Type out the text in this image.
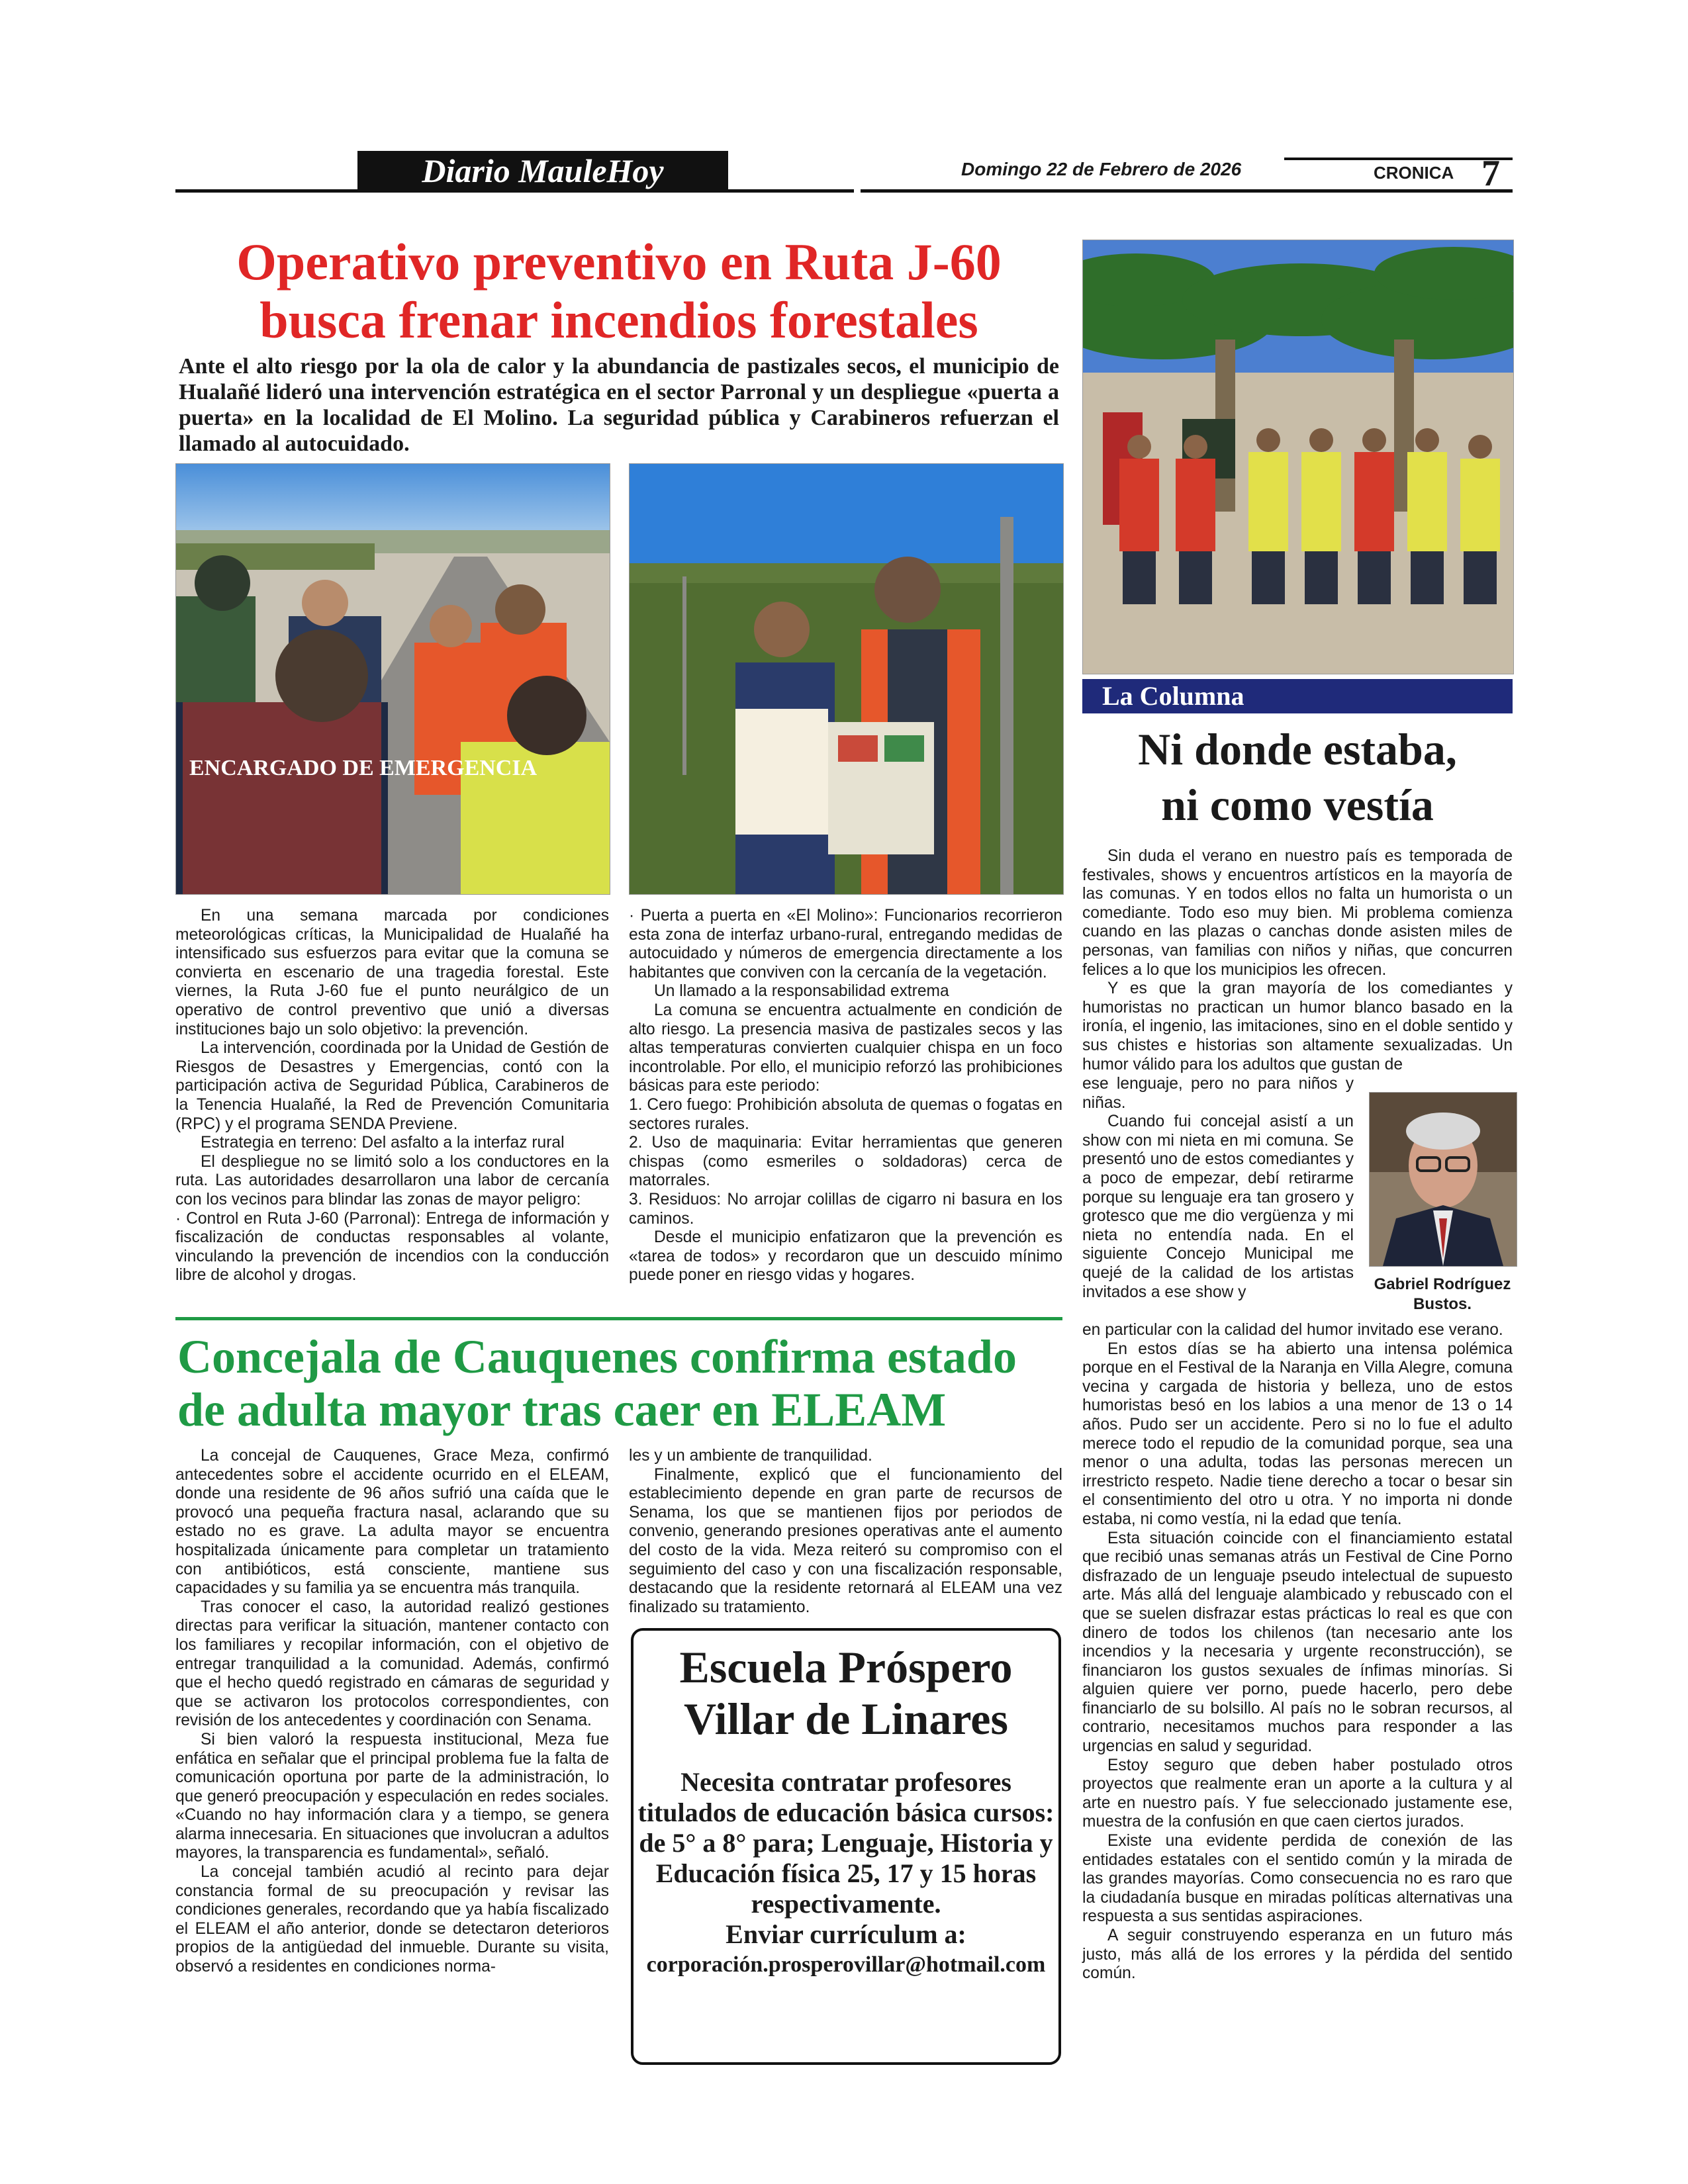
Diario MauleHoy	Domingo 22 de Febrero de 2026	CRONICA 7
Operativo preventivo en Ruta J-60 busca frenar incendios forestales

Ante el alto riesgo por la ola de calor y la abundancia de pastizales secos, el municipio de Hualañé lideró una intervención estratégica en el sector Parronal y un despliegue «puerta a puerta» en la localidad de El Molino. La seguridad pública y Carabineros refuerzan el llamado al autocuidado.

ENCARGADO DE EMERGENCIA

En una semana marcada por condiciones meteorológicas críticas, la Municipalidad de Hualañé ha intensificado sus esfuerzos para evitar que la comuna se convierta en escenario de una tragedia forestal. Este viernes, la Ruta J-60 fue el punto neurálgico de un operativo de control preventivo que unió a diversas instituciones bajo un solo objetivo: la prevención.

La intervención, coordinada por la Unidad de Gestión de Riesgos de Desastres y Emergencias, contó con la participación activa de Seguridad Pública, Carabineros de la Tenencia Hualañé, la Red de Prevención Comunitaria (RPC) y el programa SENDA Previene.

Estrategia en terreno: Del asfalto a la interfaz rural

El despliegue no se limitó solo a los conductores en la ruta. Las autoridades desarrollaron una labor de cercanía con los vecinos para blindar las zonas de mayor peligro:

· Control en Ruta J-60 (Parronal): Entrega de información y fiscalización de conductas responsables al volante, vinculando la prevención de incendios con la conducción libre de alcohol y drogas.

· Puerta a puerta en «El Molino»: Funcionarios recorrieron esta zona de interfaz urbano-rural, entregando medidas de autocuidado y números de emergencia directamente a los habitantes que conviven con la cercanía de la vegetación.

Un llamado a la responsabilidad extrema

La comuna se encuentra actualmente en condición de alto riesgo. La presencia masiva de pastizales secos y las altas temperaturas convierten cualquier chispa en un foco incontrolable. Por ello, el municipio reforzó las prohibiciones básicas para este periodo:

1. Cero fuego: Prohibición absoluta de quemas o fogatas en sectores rurales.

2. Uso de maquinaria: Evitar herramientas que generen chispas (como esmeriles o soldadoras) cerca de matorrales.

3. Residuos: No arrojar colillas de cigarro ni basura en los caminos.

Desde el municipio enfatizaron que la prevención es «tarea de todos» y recordaron que un descuido mínimo puede poner en riesgo vidas y hogares.

Concejala de Cauquenes confirma estado de adulta mayor tras caer en ELEAM

La concejal de Cauquenes, Grace Meza, confirmó antecedentes sobre el accidente ocurrido en el ELEAM, donde una residente de 96 años sufrió una caída que le provocó una pequeña fractura nasal, aclarando que su estado no es grave. La adulta mayor se encuentra hospitalizada únicamente para completar un tratamiento con antibióticos, está consciente, mantiene sus capacidades y su familia ya se encuentra más tranquila.

Tras conocer el caso, la autoridad realizó gestiones directas para verificar la situación, mantener contacto con los familiares y recopilar información, con el objetivo de entregar tranquilidad a la comunidad. Además, confirmó que el hecho quedó registrado en cámaras de seguridad y que se activaron los protocolos correspondientes, con revisión de los antecedentes y coordinación con Senama.

Si bien valoró la respuesta institucional, Meza fue enfática en señalar que el principal problema fue la falta de comunicación oportuna por parte de la administración, lo que generó preocupación y especulación en redes sociales. «Cuando no hay información clara y a tiempo, se genera alarma innecesaria. En situaciones que involucran a adultos mayores, la transparencia es fundamental», señaló.

La concejal también acudió al recinto para dejar constancia formal de su preocupación y revisar las condiciones generales, recordando que ya había fiscalizado el ELEAM el año anterior, donde se detectaron deterioros propios de la antigüedad del inmueble. Durante su visita, observó a residentes en condiciones norma-

les y un ambiente de tranquilidad.

Finalmente, explicó que el funcionamiento del establecimiento depende en gran parte de recursos de Senama, los que se mantienen fijos por periodos de convenio, generando presiones operativas ante el aumento del costo de la vida. Meza reiteró su compromiso con el seguimiento del caso y con una fiscalización responsable, destacando que la residente retornará al ELEAM una vez finalizado su tratamiento.

Escuela Próspero Villar de Linares
Necesita contratar profesores titulados de educación básica cursos: de 5° a 8° para; Lenguaje, Historia y Educación física 25, 17 y 15 horas respectivamente.
Enviar currículum a:
corporación.prosperovillar@hotmail.com
La Columna
Ni donde estaba,
ni como vestía

Sin duda el verano en nuestro país es temporada de festivales, shows y encuentros artísticos en la mayoría de las comunas. Y en todos ellos no falta un humorista o un comediante. Todo eso muy bien. Mi problema comienza cuando en las plazas o canchas donde asisten miles de personas, van familias con niños y niñas, que concurren felices a lo que los municipios les ofrecen.

Y es que la gran mayoría de los comediantes y humoristas no practican un humor blanco basado en la ironía, el ingenio, las imitaciones, sino en el doble sentido y sus chistes e historias son altamente sexualizadas. Un humor válido para los adultos que gustan de

ese lenguaje, pero no para niños y niñas.

Cuando fui concejal asistí a un show con mi nieta en mi comuna. Se presentó uno de estos comediantes y a poco de empezar, debí retirarme porque su lenguaje era tan grosero y grotesco que me dio vergüenza y mi nieta no entendía nada. En el siguiente Concejo Municipal me quejé de la calidad de los artistas invitados a ese show y	Gabriel Rodríguez Bustos.

en particular con la calidad del humor invitado ese verano.

En estos días se ha abierto una intensa polémica porque en el Festival de la Naranja en Villa Alegre, comuna vecina y cargada de historia y belleza, uno de estos humoristas besó en los labios a una menor de 13 o 14 años. Pudo ser un accidente. Pero si no lo fue el adulto merece todo el repudio de la comunidad porque, sea una menor o una adulta, todas las personas merecen un irrestricto respeto. Nadie tiene derecho a tocar o besar sin el consentimiento del otro u otra. Y no importa ni donde estaba, ni como vestía, ni la edad que tenía.

Esta situación coincide con el financiamiento estatal que recibió unas semanas atrás un Festival de Cine Porno disfrazado de un lenguaje pseudo intelectual de supuesto arte. Más allá del lenguaje alambicado y rebuscado con el que se suelen disfrazar estas prácticas lo real es que con dinero de todos los chilenos (tan necesario ante los incendios y la necesaria y urgente reconstrucción), se financiaron los gustos sexuales de ínfimas minorías. Si alguien quiere ver porno, puede hacerlo, pero debe financiarlo de su bolsillo. Al país no le sobran recursos, al contrario, necesitamos muchos para responder a las urgencias en salud y seguridad.

Estoy seguro que deben haber postulado otros proyectos que realmente eran un aporte a la cultura y al arte en nuestro país. Y fue seleccionado justamente ese, muestra de la confusión en que caen ciertos jurados.

Existe una evidente perdida de conexión de las entidades estatales con el sentido común y la mirada de las grandes mayorías. Como consecuencia no es raro que la ciudadanía busque en miradas políticas alternativas una respuesta a sus sentidas aspiraciones.

A seguir construyendo esperanza en un futuro más justo, más allá de los errores y la pérdida del sentido común.
